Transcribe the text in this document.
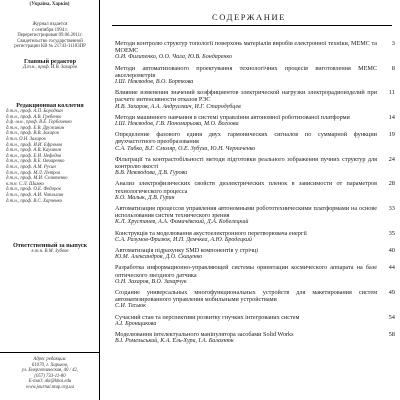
(Україна, Харків)
Журнал издается
с сентября 1994 г.
Перерегистрирован 09.06.2011г.
Свидетельство государственной
регистрации КВ № 21743-11183ПР
Главный редактор
Д.т.н., проф. И.В. Захаров
Редакционная коллегия
д.т.н., проф. А.П. Бородкин
д.т.н., проф. А.В. Гребенко
д.ф.-м.н., проф. В.Е. Горбаченко
д.т.н., проф. Е.В. Дружинин
д.т.н., проф. В.В. Захаров
д.т.н. О.Н. Захаров
д.т.н., проф. И.И. Ефремов
д.т.н., проф. А.В. Каушкин
д.т.н., проф. Е.И. Нефедов
д.т.н., проф. В.Е. Овчаренко
д.т.н., проф. А.М. Русин
д.т.н., проф. М.Л. Петров
д.т.н., проф. М.И. Селютенко
к.т.н. С.Л. Шимко
д.т.н., проф. О.Е. Федоров
д.т.н., проф. А.И. Чаплыгин
д.т.н., проф. В.С. Харченко
Ответственный за выпуск
к.т.н. В.М. Зубков
Адрес редакции:
61070, г. Харьков,
ул. Енергетическая, 40 / 42,
(057) 733-11-80
E-mail: aki@khai.edu
www.journal.ntup.org.ua
СОДЕРЖАНИЕ
Методи контролю структур топології поверхонь матеріалів виробів електронної техніки, МЕМС та МОЕМС
О.И. Филипенко, О.О. Чала, Ю.В. Бондаренко
3
Методи автоматизованого проектування технологічних процесів виготовлення МЕМС акселерометрів
І.Ш. Невлюдов, В.О. Борткова
8
Влияние изменения значений коэффициентов электрической нагрузки электрорадиоизделий при расчете интенсивности отказов РЭС
И.В. Захаров, А.А. Андрусевич, И.Г. Стародубцев
11
Методи машинного навчання в системі управління автономної роботизованої платформи
І.Ш. Невлюдов, Г.В. Пономарьова, М.О. Вогоова
14
Определение фазового единя двух гармонических сигналов по суммарной функции двухчастотного преобразования
С.А. Тибко, В.Г. Смоляр, О.Е. Зубуха, Ю.Н. Черниченко
19
Фільтрації та контрастобільності методи підготовки реального зображення пучних структур для контролю якості
В.В. Невлюдова, Д.В. Гурова
24
Анализ электрофизических свойств диэлектрических пленок в зависимости от параметров технологического процесса
Б.О. Малык, Д.В. Гурин
28
Автоматизация процессов управления автономными робототехническими платформами на основе использования систем технического зрения
К.Л. Хрустанев, А.А. Фомичёвский, Д.А. Кобелецкий
33
Конструкція та моделювання акустоелектронного перетворювача енергії
С.А. Разумов-Фризюк, И.П. Демчкеа, А.Ю. Бродецкий
35
Автоматизація підрахунку SMD компонентів у стрічці
Ю.М. Александров, Д.О. Скаценко
40
Разработка информационно-управляющей системы ориентации космического аппарата на базе оптического звездного датчика
О.Н. Захаров, В.О. Захарчук
44
Создание универсальных многофункциональных устройств для макетирования систем автоматизированного управления мобильными устройствами
С.И. Тесьюк
49
Сучасний стан та перспективи розвитку гнучких інтегрованих систем
А.І. Бронщикова
54
Моделювання інтелектуального маніпулятора засобами Solid Works
В.І. Ромельський, К.А. Ель-Хури, І.А. Балахнюк
58
